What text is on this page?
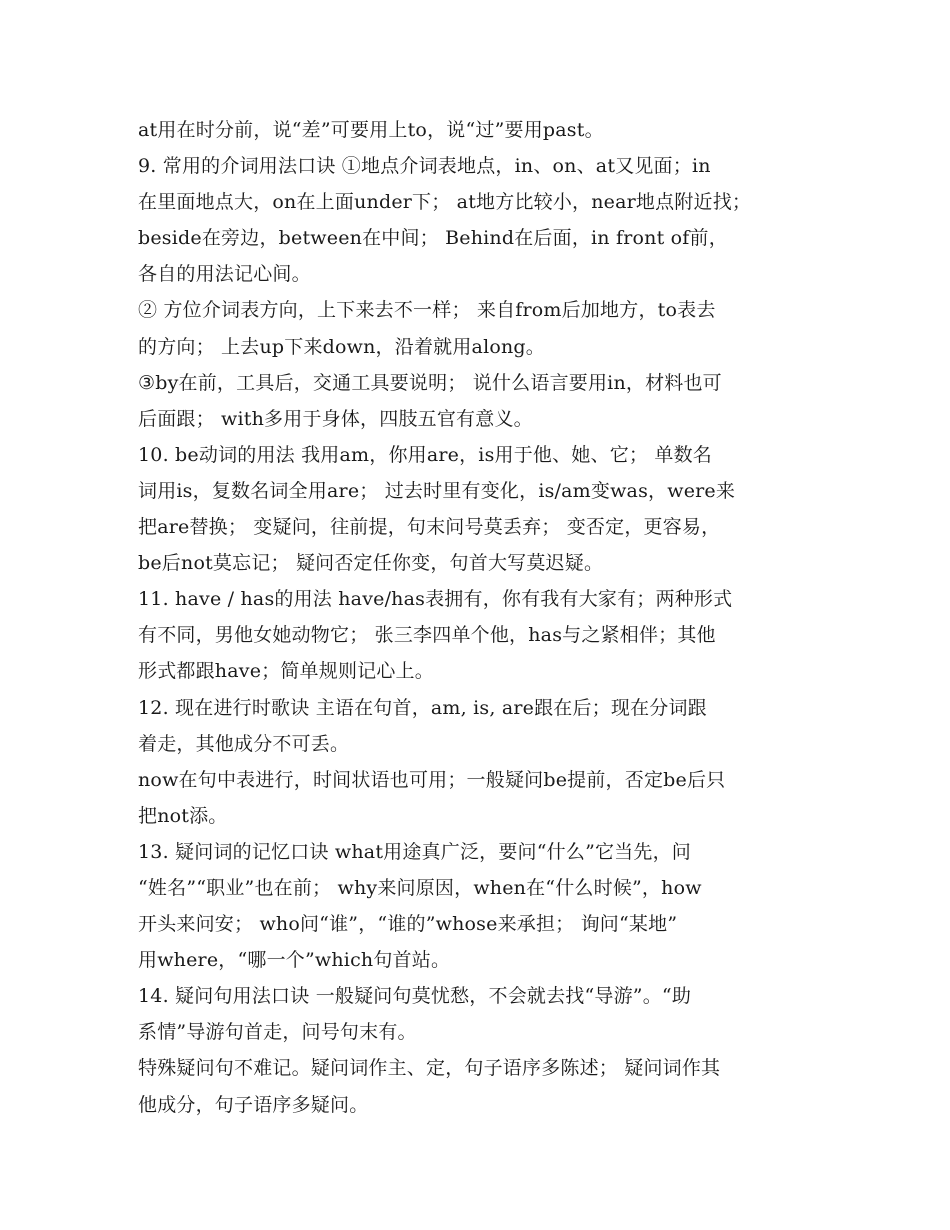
at用在时分前，说“差”可要用上to，说“过”要用past。
9. 常用的介词用法口诀 ①地点介词表地点，in、on、at又见面；in
在里面地点大，on在上面under下； at地方比较小，near地点附近找；
beside在旁边，between在中间； Behind在后面，in front of前，
各自的用法记心间。
② 方位介词表方向，上下来去不一样； 来自from后加地方，to表去
的方向； 上去up下来down，沿着就用along。
③by在前，工具后，交通工具要说明； 说什么语言要用in，材料也可
后面跟； with多用于身体，四肢五官有意义。
10. be动词的用法 我用am，你用are，is用于他、她、它； 单数名
词用is，复数名词全用are； 过去时里有变化，is/am变was，were来
把are替换； 变疑问，往前提，句末问号莫丢弃； 变否定，更容易，
be后not莫忘记； 疑问否定任你变，句首大写莫迟疑。
11. have / has的用法 have/has表拥有，你有我有大家有；两种形式
有不同，男他女她动物它； 张三李四单个他，has与之紧相伴；其他
形式都跟have；简单规则记心上。
12. 现在进行时歌诀 主语在句首，am, is, are跟在后；现在分词跟
着走，其他成分不可丢。
now在句中表进行，时间状语也可用；一般疑问be提前，否定be后只
把not添。
13. 疑问词的记忆口诀 what用途真广泛，要问“什么”它当先，问
“姓名”“职业”也在前； why来问原因，when在“什么时候”，how
开头来问安； who问“谁”，“谁的”whose来承担； 询问“某地”
用where，“哪一个”which句首站。
14. 疑问句用法口诀 一般疑问句莫忧愁，不会就去找“导游”。“助
系情”导游句首走，问号句末有。
特殊疑问句不难记。疑问词作主、定，句子语序多陈述； 疑问词作其
他成分，句子语序多疑问。
